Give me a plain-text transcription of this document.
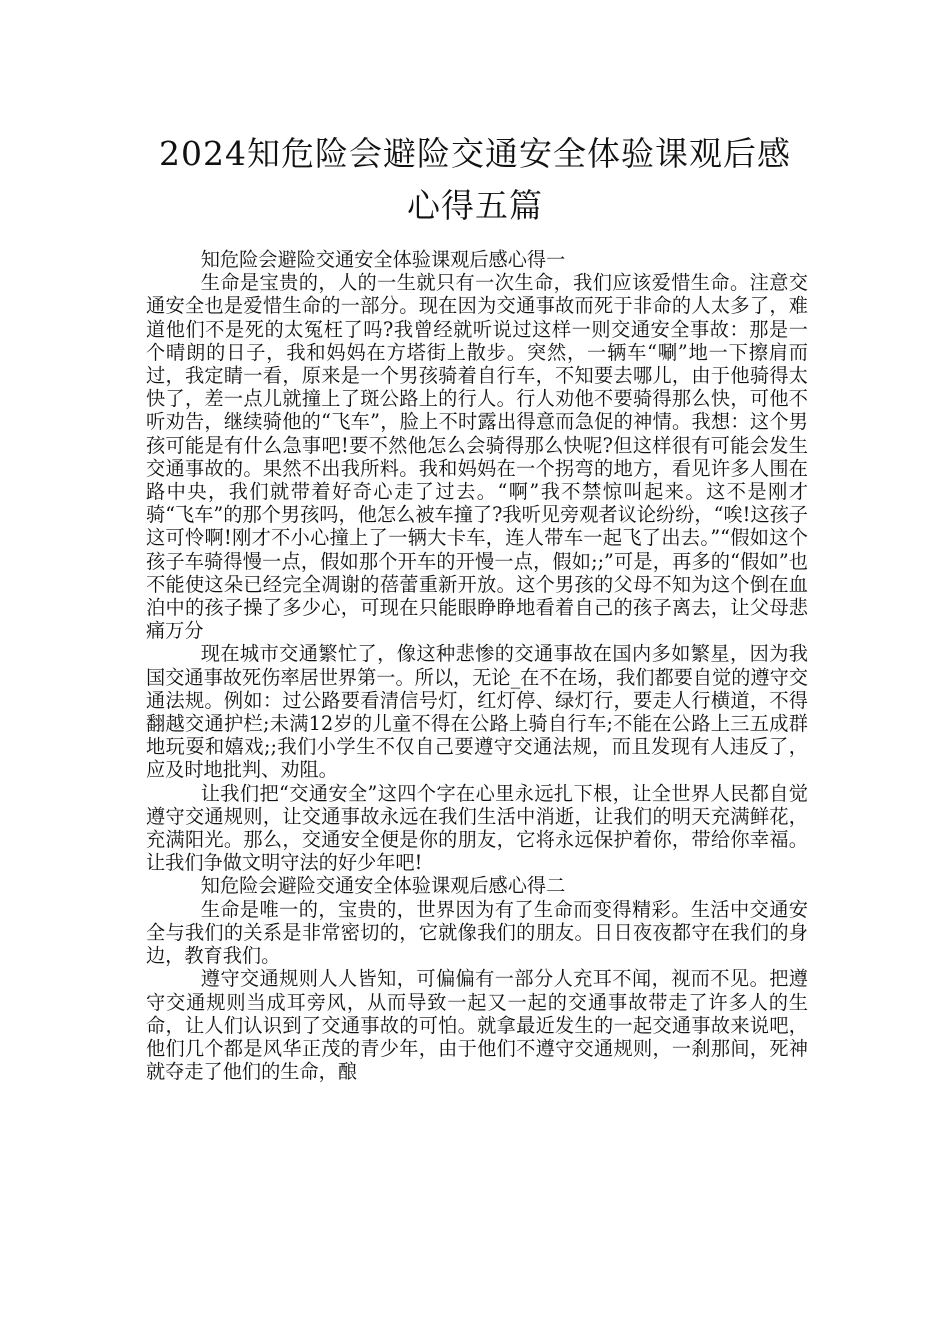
2024知危险会避险交通安全体验课观后感
心得五篇

知危险会避险交通安全体验课观后感心得一

生命是宝贵的，人的一生就只有一次生命，我们应该爱惜生命。注意交通安全也是爱惜生命的一部分。现在因为交通事故而死于非命的人太多了，难道他们不是死的太冤枉了吗?我曾经就听说过这样一则交通安全事故：那是一个晴朗的日子，我和妈妈在方塔街上散步。突然，一辆车“唰”地一下擦肩而过，我定睛一看，原来是一个男孩骑着自行车，不知要去哪儿，由于他骑得太快了，差一点儿就撞上了斑公路上的行人。行人劝他不要骑得那么快，可他不听劝告，继续骑他的“飞车”，脸上不时露出得意而急促的神情。我想：这个男孩可能是有什么急事吧!要不然他怎么会骑得那么快呢?但这样很有可能会发生交通事故的。果然不出我所料。我和妈妈在一个拐弯的地方，看见许多人围在路中央，我们就带着好奇心走了过去。“啊”我不禁惊叫起来。这不是刚才骑“飞车”的那个男孩吗，他怎么被车撞了?我听见旁观者议论纷纷，“唉!这孩子这可怜啊!刚才不小心撞上了一辆大卡车，连人带车一起飞了出去。”“假如这个孩子车骑得慢一点，假如那个开车的开慢一点，假如;;”可是，再多的“假如”也不能使这朵已经完全凋谢的蓓蕾重新开放。这个男孩的父母不知为这个倒在血泊中的孩子操了多少心，可现在只能眼睁睁地看着自己的孩子离去，让父母悲痛万分

现在城市交通繁忙了，像这种悲惨的交通事故在国内多如繁星，因为我国交通事故死伤率居世界第一。所以，无论_在不在场，我们都要自觉的遵守交通法规。例如：过公路要看清信号灯，红灯停、绿灯行，要走人行横道，不得翻越交通护栏;未满12岁的儿童不得在公路上骑自行车;不能在公路上三五成群地玩耍和嬉戏;;我们小学生不仅自己要遵守交通法规，而且发现有人违反了，应及时地批判、劝阻。

让我们把“交通安全”这四个字在心里永远扎下根，让全世界人民都自觉遵守交通规则，让交通事故永远在我们生活中消逝，让我们的明天充满鲜花，充满阳光。那么，交通安全便是你的朋友，它将永远保护着你，带给你幸福。让我们争做文明守法的好少年吧!

知危险会避险交通安全体验课观后感心得二

生命是唯一的，宝贵的，世界因为有了生命而变得精彩。生活中交通安全与我们的关系是非常密切的，它就像我们的朋友。日日夜夜都守在我们的身边，教育我们。

遵守交通规则人人皆知，可偏偏有一部分人充耳不闻，视而不见。把遵守交通规则当成耳旁风，从而导致一起又一起的交通事故带走了许多人的生命，让人们认识到了交通事故的可怕。就拿最近发生的一起交通事故来说吧，他们几个都是风华正茂的青少年，由于他们不遵守交通规则，一刹那间，死神就夺走了他们的生命，酿
